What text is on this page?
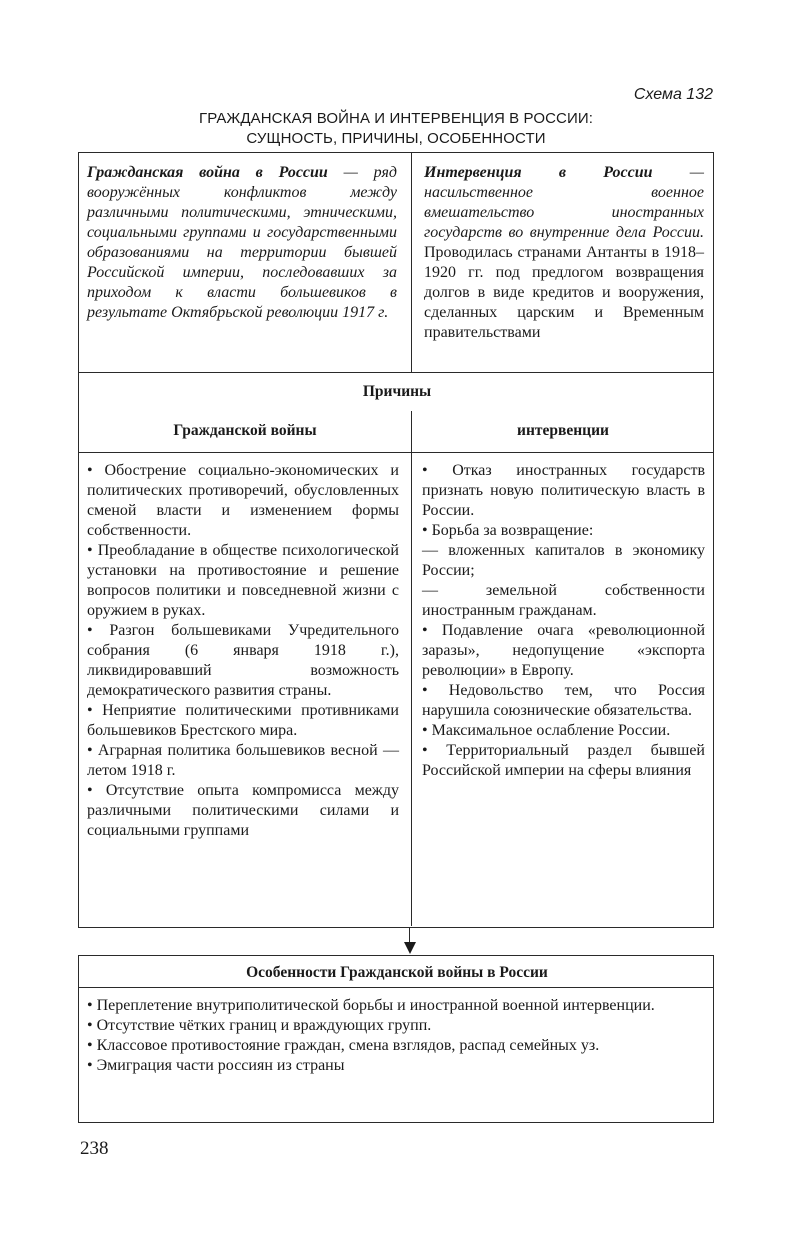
Схема 132
ГРАЖДАНСКАЯ ВОЙНА И ИНТЕРВЕНЦИЯ В РОССИИ:
СУЩНОСТЬ, ПРИЧИНЫ, ОСОБЕННОСТИ
Гражданская война в России — ряд вооружённых конфликтов между различными политическими, этническими, социальными группами и государственными образованиями на территории бывшей Российской империи, последовавших за приходом к власти большевиков в результате Октябрьской революции 1917 г.
Интервенция в России — насильственное военное вмешательство иностранных государств во внутренние дела России. Проводилась странами Антанты в 1918–1920 гг. под предлогом возвращения долгов в виде кредитов и вооружения, сделанных царским и Временным правительствами
Причины
Гражданской войны	интервенции
• Обострение социально-экономических и политических противоречий, обусловленных сменой власти и изменением формы собственности.
• Преобладание в обществе психологической установки на противостояние и решение вопросов политики и повседневной жизни с оружием в руках.
• Разгон большевиками Учредительного собрания (6 января 1918 г.), ликвидировавший возможность демократического развития страны.
• Неприятие политическими противниками большевиков Брестского мира.
• Аграрная политика большевиков весной — летом 1918 г.
• Отсутствие опыта компромисса между различными политическими силами и социальными группами
• Отказ иностранных государств признать новую политическую власть в России.
• Борьба за возвращение:
— вложенных капиталов в экономику России;
— земельной собственности иностранным гражданам.
• Подавление очага «революционной заразы», недопущение «экспорта революции» в Европу.
• Недовольство тем, что Россия нарушила союзнические обязательства.
• Максимальное ослабление России.
• Территориальный раздел бывшей Российской империи на сферы влияния
Особенности Гражданской войны в России
• Переплетение внутриполитической борьбы и иностранной военной интервенции.
• Отсутствие чётких границ и враждующих групп.
• Классовое противостояние граждан, смена взглядов, распад семейных уз.
• Эмиграция части россиян из страны
238
